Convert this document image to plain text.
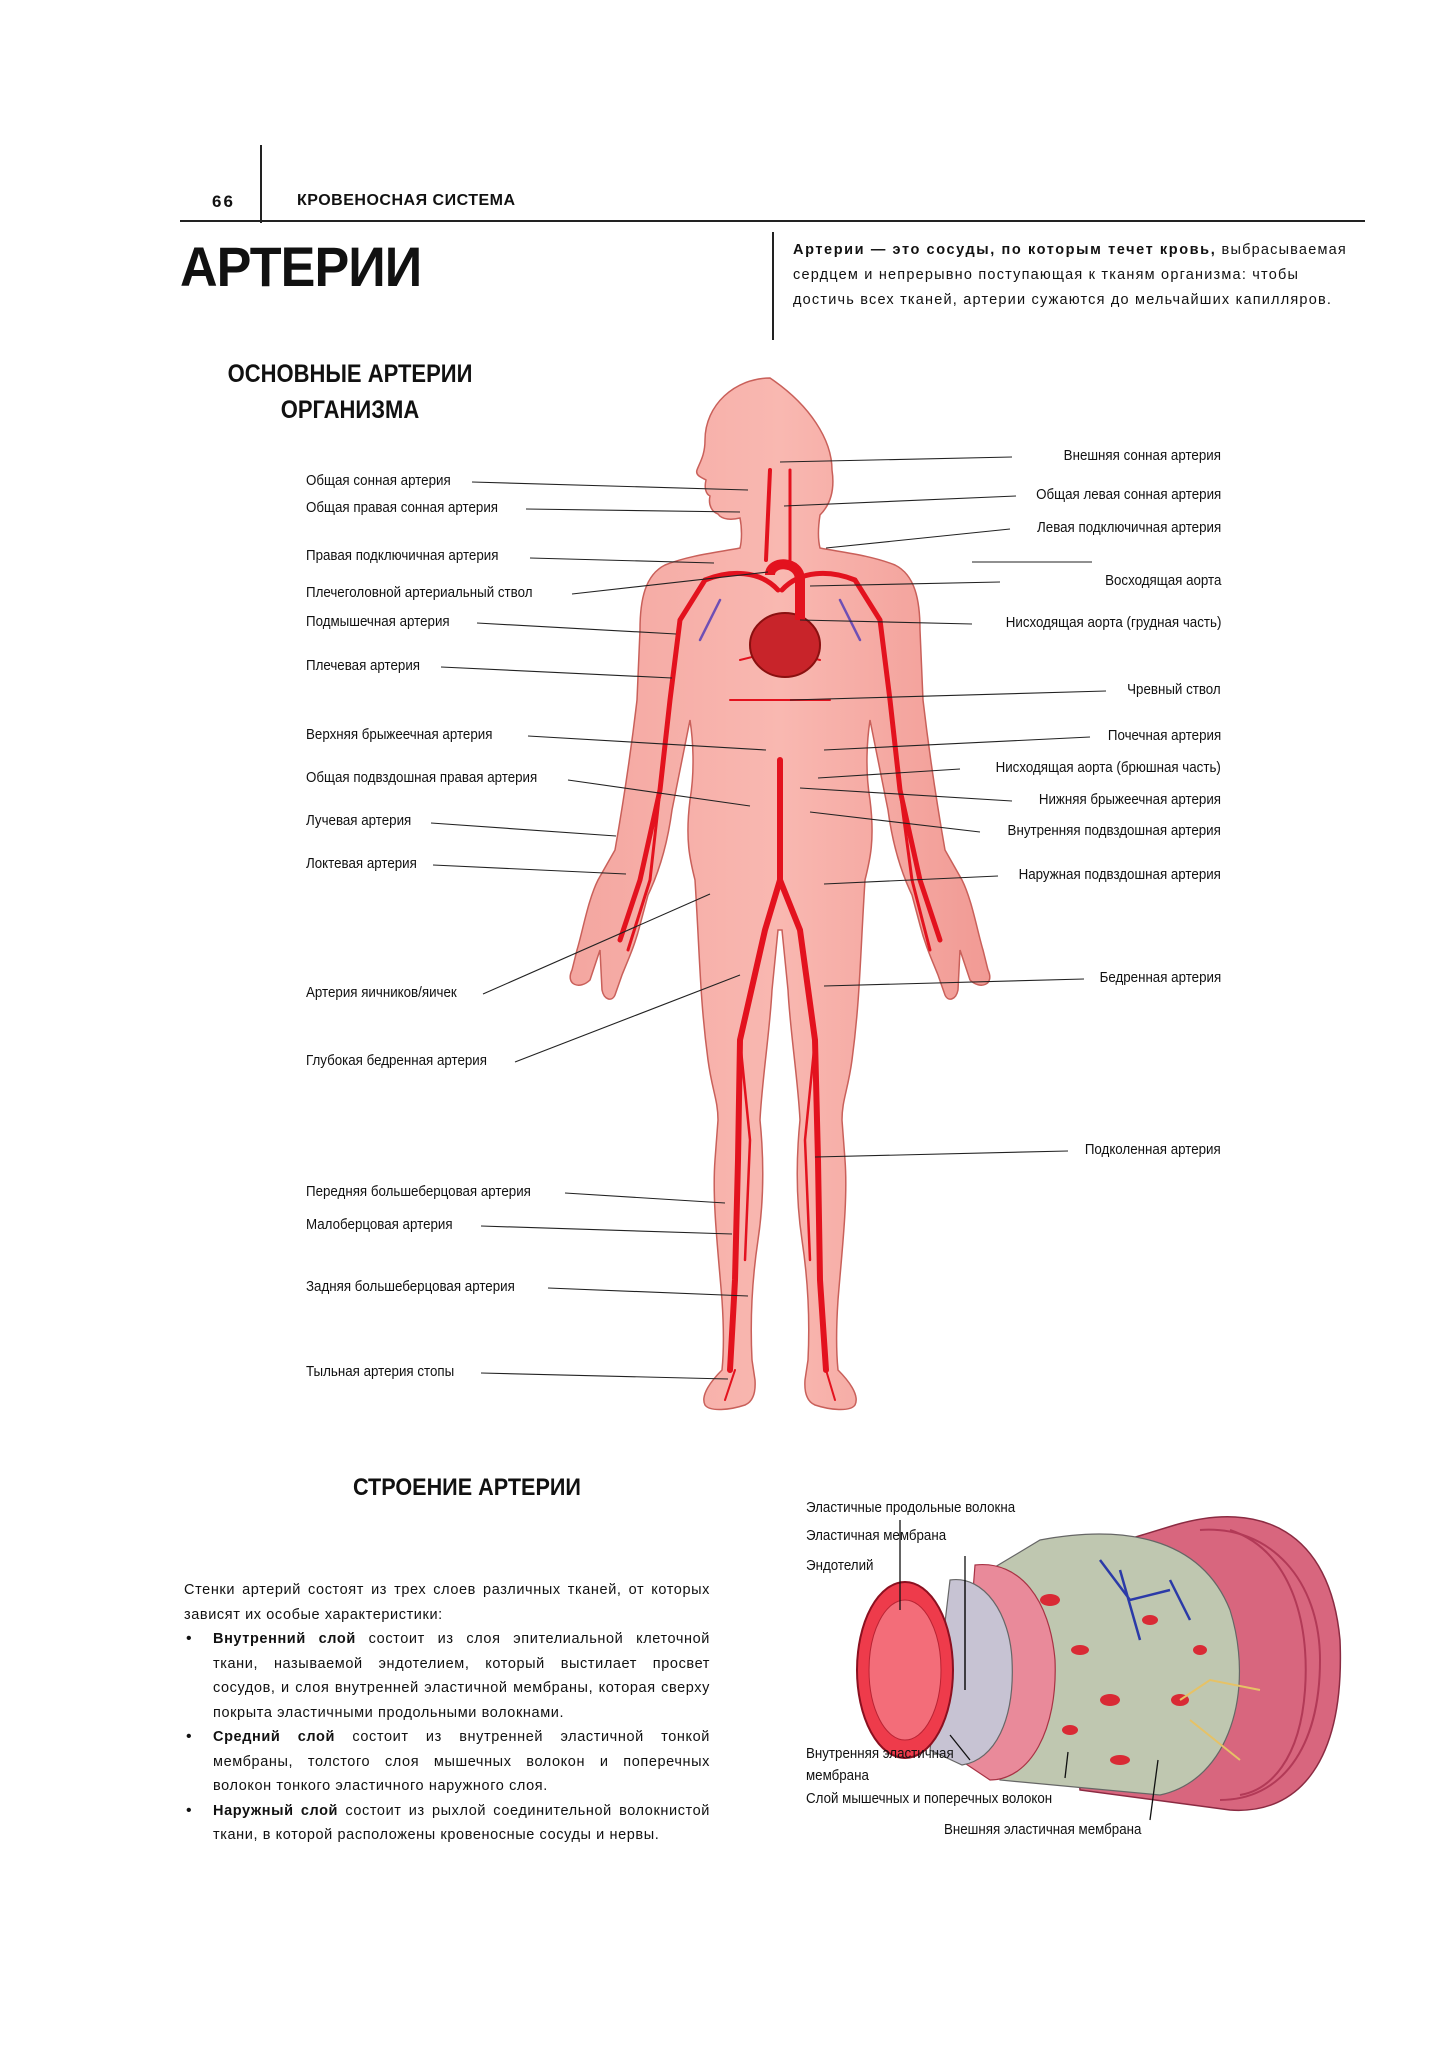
66	КРОВЕНОСНАЯ СИСТЕМА
АРТЕРИИ	Артерии — это сосуды, по которым течет кровь, выбрасываемая сердцем и непрерывно поступающая к тканям организма: чтобы достичь всех тканей, артерии сужаются до мельчайших капилляров.
ОСНОВНЫЕ АРТЕРИИ
ОРГАНИЗМА
Общая сонная артерия
Общая правая сонная артерия
Правая подключичная артерия
Плечеголовной артериальный ствол
Подмышечная артерия
Плечевая артерия
Верхняя брыжеечная артерия
Общая подвздошная правая артерия
Лучевая артерия
Локтевая артерия
Артерия яичников/яичек
Глубокая бедренная артерия
Передняя большеберцовая артерия
Малоберцовая артерия
Задняя большеберцовая артерия
Тыльная артерия стопы
Внешняя сонная артерия
Общая левая сонная артерия
Левая подключичная артерия
Восходящая аорта
Нисходящая аорта (грудная часть)
Чревный ствол
Почечная артерия
Нисходящая аорта (брюшная часть)
Нижняя брыжеечная артерия
Внутренняя подвздошная артерия
Наружная подвздошная артерия
Бедренная артерия
Подколенная артерия
СТРОЕНИЕ АРТЕРИИ
Стенки артерий состоят из трех слоев различных тканей, от которых зависят их особые характеристики:
• Внутренний слой состоит из слоя эпителиальной клеточной ткани, называемой эндотелием, который выстилает просвет сосудов, и слоя внутренней эластичной мембраны, которая сверху покрыта эластичными продольными волокнами.
• Средний слой состоит из внутренней эластичной тонкой мембраны, толстого слоя мышечных волокон и поперечных волокон тонкого эластичного наружного слоя.
• Наружный слой состоит из рыхлой соединительной волокнистой ткани, в которой расположены кровеносные сосуды и нервы.
Эластичные продольные волокна
Эластичная мембрана
Эндотелий
Внутренняя эластичная
мембрана
Слой мышечных и поперечных волокон
Внешняя эластичная мембрана
